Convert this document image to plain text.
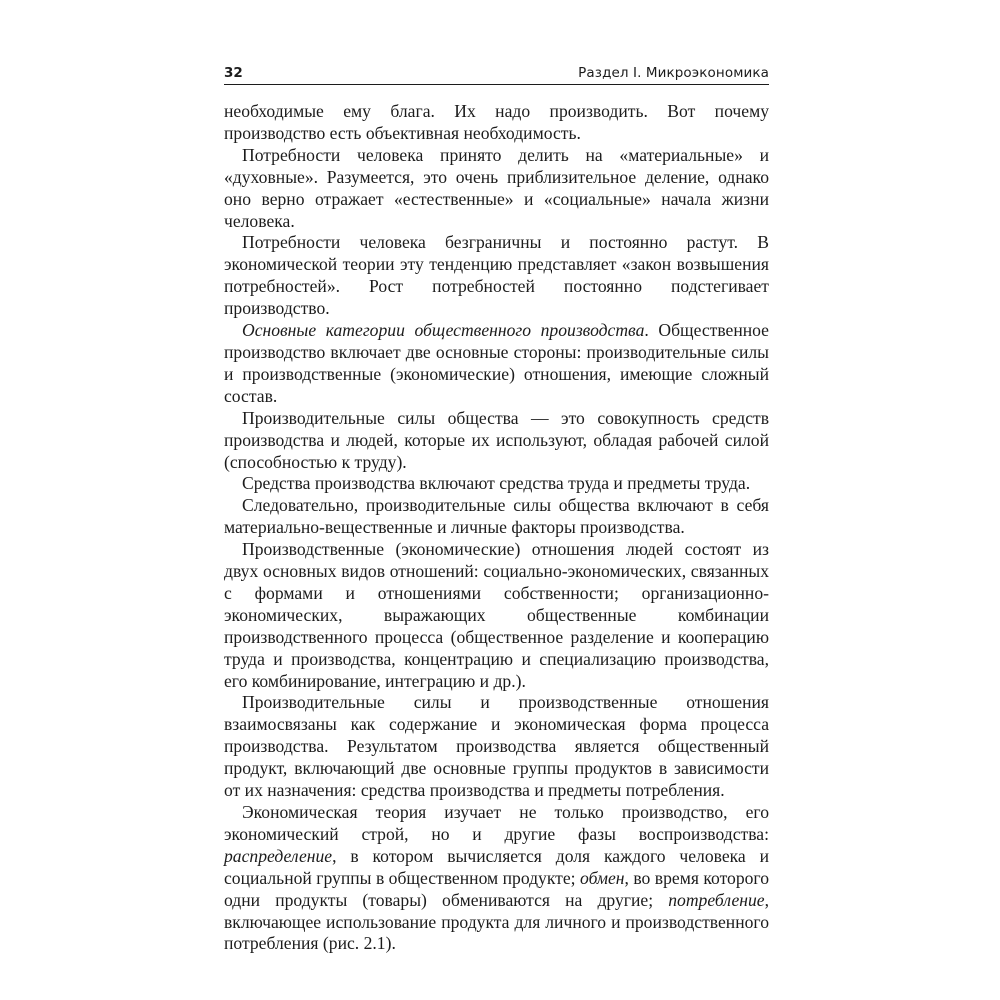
32	Раздел I. Микроэкономика

необходимые ему блага. Их надо производить. Вот почему производство есть объективная необходимость.

Потребности человека принято делить на «материальные» и «духовные». Разумеется, это очень приблизительное деление, однако оно верно отражает «естественные» и «социальные» начала жизни человека.

Потребности человека безграничны и постоянно растут. В экономической теории эту тенденцию представляет «закон возвышения потребностей». Рост потребностей постоянно подстегивает производство.

Основные категории общественного производства. Общественное производство включает две основные стороны: производительные силы и производственные (экономические) отношения, имеющие сложный состав.

Производительные силы общества — это совокупность средств производства и людей, которые их используют, обладая рабочей силой (способностью к труду).

Средства производства включают средства труда и предметы труда.

Следовательно, производительные силы общества включают в себя материально-вещественные и личные факторы производства.

Производственные (экономические) отношения людей состоят из двух основных видов отношений: социально-экономических, связанных с формами и отношениями собственности; организационно-экономических, выражающих общественные комбинации производственного процесса (общественное разделение и кооперацию труда и производства, концентрацию и специализацию производства, его комбинирование, интеграцию и др.).

Производительные силы и производственные отношения взаимосвязаны как содержание и экономическая форма процесса производства. Результатом производства является общественный продукт, включающий две основные группы продуктов в зависимости от их назначения: средства производства и предметы потребления.

Экономическая теория изучает не только производство, его экономический строй, но и другие фазы воспроизводства: распределение, в котором вычисляется доля каждого человека и социальной группы в общественном продукте; обмен, во время которого одни продукты (товары) обмениваются на другие; потребление, включающее использование продукта для личного и производственного потребления (рис. 2.1).
